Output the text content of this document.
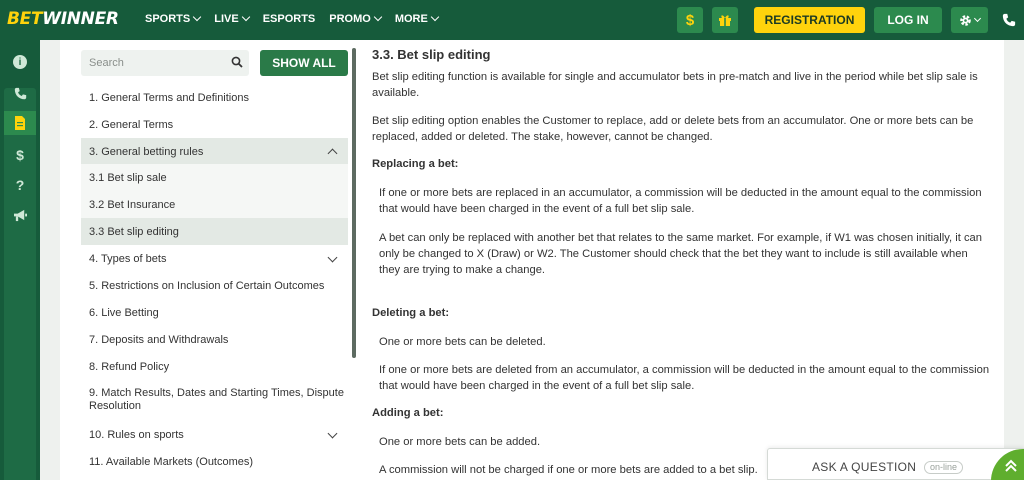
BETWINNER SPORTS LIVE ESPORTS PROMO MORE	$	REGISTRATION	LOG IN
i
$
?
Search
SHOW ALL
1. General Terms and Definitions
2. General Terms
3. General betting rules
3.1 Bet slip sale
3.2 Bet Insurance
3.3 Bet slip editing
4. Types of bets
5. Restrictions on Inclusion of Certain Outcomes
6. Live Betting
7. Deposits and Withdrawals
8. Refund Policy
9. Match Results, Dates and Starting Times, Dispute Resolution
10. Rules on sports
11. Available Markets (Outcomes)
3.3. Bet slip editing
Bet slip editing function is available for single and accumulator bets in pre-match and live in the period while bet slip sale is available.
Bet slip editing option enables the Customer to replace, add or delete bets from an accumulator. One or more bets can be replaced, added or deleted. The stake, however, cannot be changed.
Replacing a bet:
If one or more bets are replaced in an accumulator, a commission will be deducted in the amount equal to the commission that would have been charged in the event of a full bet slip sale.
A bet can only be replaced with another bet that relates to the same market. For example, if W1 was chosen initially, it can only be changed to X (Draw) or W2. The Customer should check that the bet they want to include is still available when they are trying to make a change.
Deleting a bet:
One or more bets can be deleted.
If one or more bets are deleted from an accumulator, a commission will be deducted in the amount equal to the commission that would have been charged in the event of a full bet slip sale.
Adding a bet:
One or more bets can be added.
A commission will not be charged if one or more bets are added to a bet slip.	ASK A QUESTION	on-line
